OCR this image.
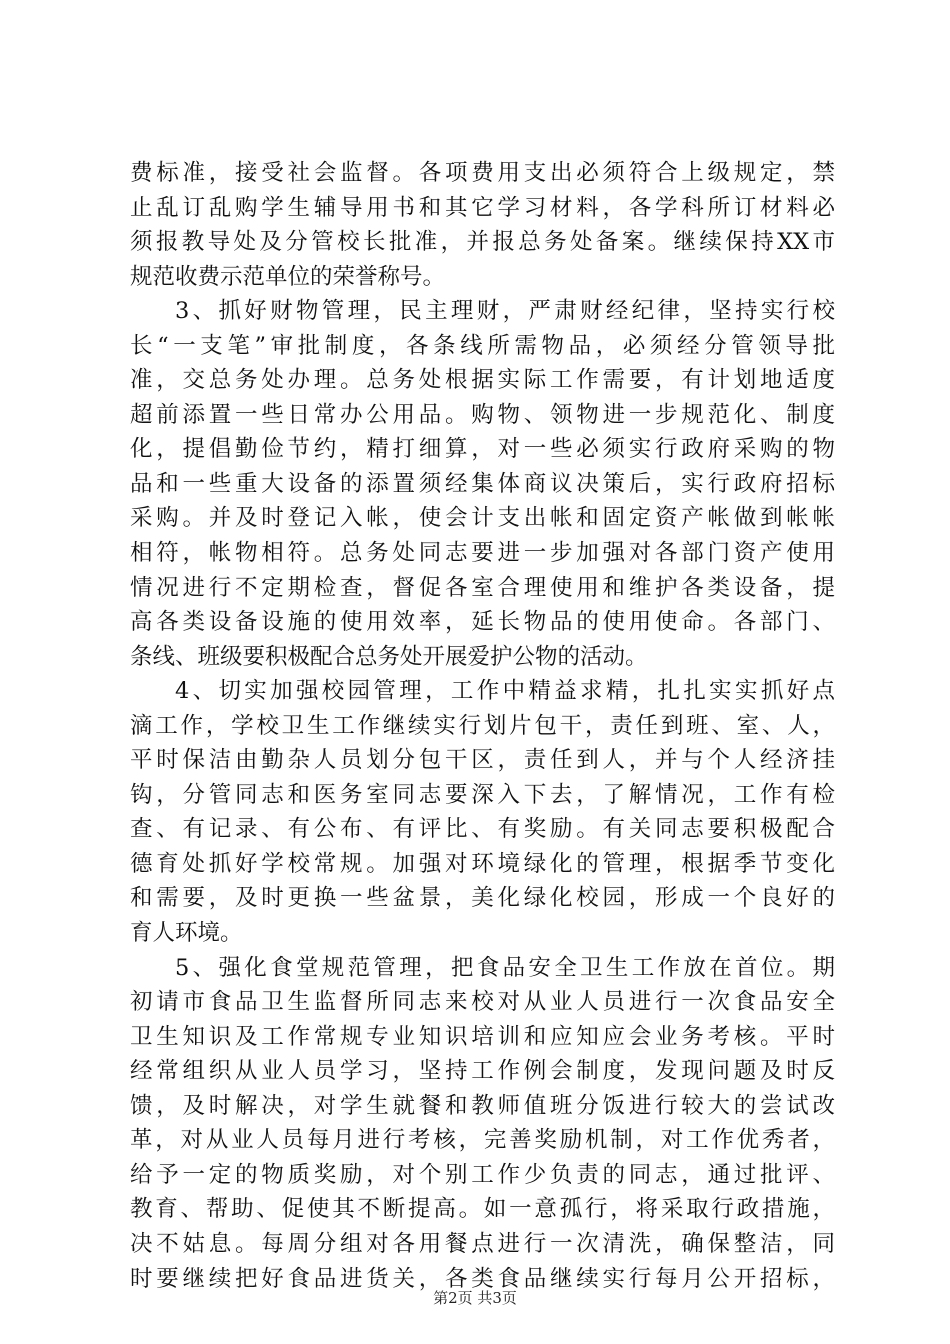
费标准，接受社会监督。各项费用支出必须符合上级规定，禁
止乱订乱购学生辅导用书和其它学习材料，各学科所订材料必
须报教导处及分管校长批准，并报总务处备案。继续保持XX市
规范收费示范单位的荣誉称号。
3、抓好财物管理，民主理财，严肃财经纪律，坚持实行校
长“一支笔”审批制度，各条线所需物品，必须经分管领导批
准，交总务处办理。总务处根据实际工作需要，有计划地适度
超前添置一些日常办公用品。购物、领物进一步规范化、制度
化，提倡勤俭节约，精打细算，对一些必须实行政府采购的物
品和一些重大设备的添置须经集体商议决策后，实行政府招标
采购。并及时登记入帐，使会计支出帐和固定资产帐做到帐帐
相符，帐物相符。总务处同志要进一步加强对各部门资产使用
情况进行不定期检查，督促各室合理使用和维护各类设备，提
高各类设备设施的使用效率，延长物品的使用使命。各部门、
条线、班级要积极配合总务处开展爱护公物的活动。
4、切实加强校园管理，工作中精益求精，扎扎实实抓好点
滴工作，学校卫生工作继续实行划片包干，责任到班、室、人，
平时保洁由勤杂人员划分包干区，责任到人，并与个人经济挂
钩，分管同志和医务室同志要深入下去，了解情况，工作有检
查、有记录、有公布、有评比、有奖励。有关同志要积极配合
德育处抓好学校常规。加强对环境绿化的管理，根据季节变化
和需要，及时更换一些盆景，美化绿化校园，形成一个良好的
育人环境。
5、强化食堂规范管理，把食品安全卫生工作放在首位。期
初请市食品卫生监督所同志来校对从业人员进行一次食品安全
卫生知识及工作常规专业知识培训和应知应会业务考核。平时
经常组织从业人员学习，坚持工作例会制度，发现问题及时反
馈，及时解决，对学生就餐和教师值班分饭进行较大的尝试改
革，对从业人员每月进行考核，完善奖励机制，对工作优秀者，
给予一定的物质奖励，对个别工作少负责的同志，通过批评、
教育、帮助、促使其不断提高。如一意孤行，将采取行政措施，
决不姑息。每周分组对各用餐点进行一次清洗，确保整洁，同
时要继续把好食品进货关，各类食品继续实行每月公开招标，
第2页 共3页
